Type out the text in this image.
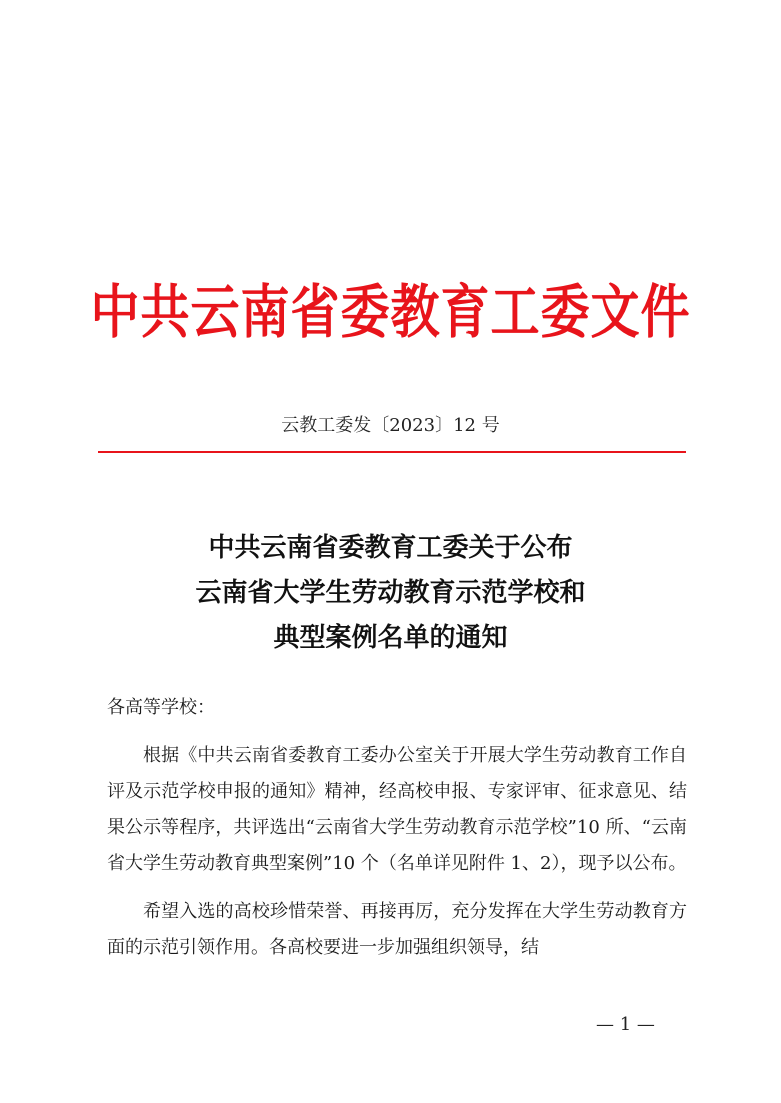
中共云南省委教育工委文件
云教工委发〔2023〕12 号
中共云南省委教育工委关于公布
云南省大学生劳动教育示范学校和
典型案例名单的通知

各高等学校：

根据《中共云南省委教育工委办公室关于开展大学生劳动教育工作自评及示范学校申报的通知》精神，经高校申报、专家评审、征求意见、结果公示等程序，共评选出“云南省大学生劳动教育示范学校”10 所、“云南省大学生劳动教育典型案例”10 个（名单详见附件 1、2），现予以公布。

希望入选的高校珍惜荣誉、再接再厉，充分发挥在大学生劳动教育方面的示范引领作用。各高校要进一步加强组织领导，结

— 1 —
